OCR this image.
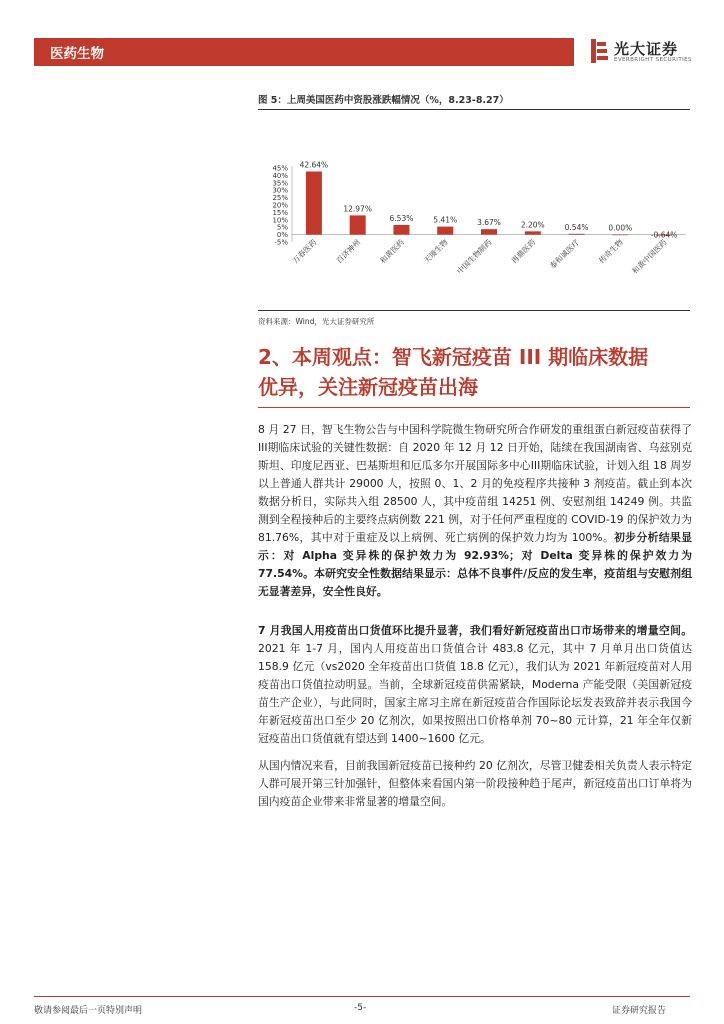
医药生物	光大证券
EVERBRIGHT SECURITIES
图 5：上周美国医药中资股涨跌幅情况（%，8.23-8.27）
45%
40%
35%
30%
25%
20%
15%
10%
5%
0%
-5%
42.64%
万春医药
12.97%
百济神州
6.53%
和黄医药
5.41%
天境生物
3.67%
中国生物制药
2.20%
再鼎医药
0.54%
泰和诚医疗
0.00%
传奇生物
-0.64%
和黄中国医药
资料来源：Wind，光大证券研究所
2、本周观点：智飞新冠疫苗 III 期临床数据
优异，关注新冠疫苗出海
8 月 27 日，智飞生物公告与中国科学院微生物研究所合作研发的重组蛋白新冠疫苗获得了III期临床试验的关键性数据：自 2020 年 12 月 12 日开始，陆续在我国湖南省、乌兹别克斯坦、印度尼西亚、巴基斯坦和厄瓜多尔开展国际多中心III期临床试验，计划入组 18 周岁以上普通人群共计 29000 人，按照 0、1、2 月的免疫程序共接种 3 剂疫苗。截止到本次数据分析日，实际共入组 28500 人，其中疫苗组 14251 例、安慰剂组 14249 例。共监测到全程接种后的主要终点病例数 221 例，对于任何严重程度的 COVID-19 的保护效力为 81.76%，其中对于重症及以上病例、死亡病例的保护效力均为 100%。初步分析结果显示：对 Alpha 变异株的保护效力为 92.93%；对 Delta 变异株的保护效力为 77.54%。本研究安全性数据结果显示：总体不良事件/反应的发生率，疫苗组与安慰剂组无显著差异，安全性良好。
7 月我国人用疫苗出口货值环比提升显著，我们看好新冠疫苗出口市场带来的增量空间。2021 年 1-7 月，国内人用疫苗出口货值合计 483.8 亿元，其中 7 月单月出口货值达 158.9 亿元（vs2020 全年疫苗出口货值 18.8 亿元），我们认为 2021 年新冠疫苗对人用疫苗出口货值拉动明显。当前，全球新冠疫苗供需紧缺，Moderna 产能受限（美国新冠疫苗生产企业），与此同时，国家主席习主席在新冠疫苗合作国际论坛发表致辞并表示我国今年新冠疫苗出口至少 20 亿剂次，如果按照出口价格单剂 70~80 元计算，21 年全年仅新冠疫苗出口货值就有望达到 1400~1600 亿元。
从国内情况来看，目前我国新冠疫苗已接种约 20 亿剂次，尽管卫健委相关负责人表示特定人群可展开第三针加强针，但整体来看国内第一阶段接种趋于尾声，新冠疫苗出口订单将为国内疫苗企业带来非常显著的增量空间。
敬请参阅最后一页特别声明	-5-	证券研究报告
